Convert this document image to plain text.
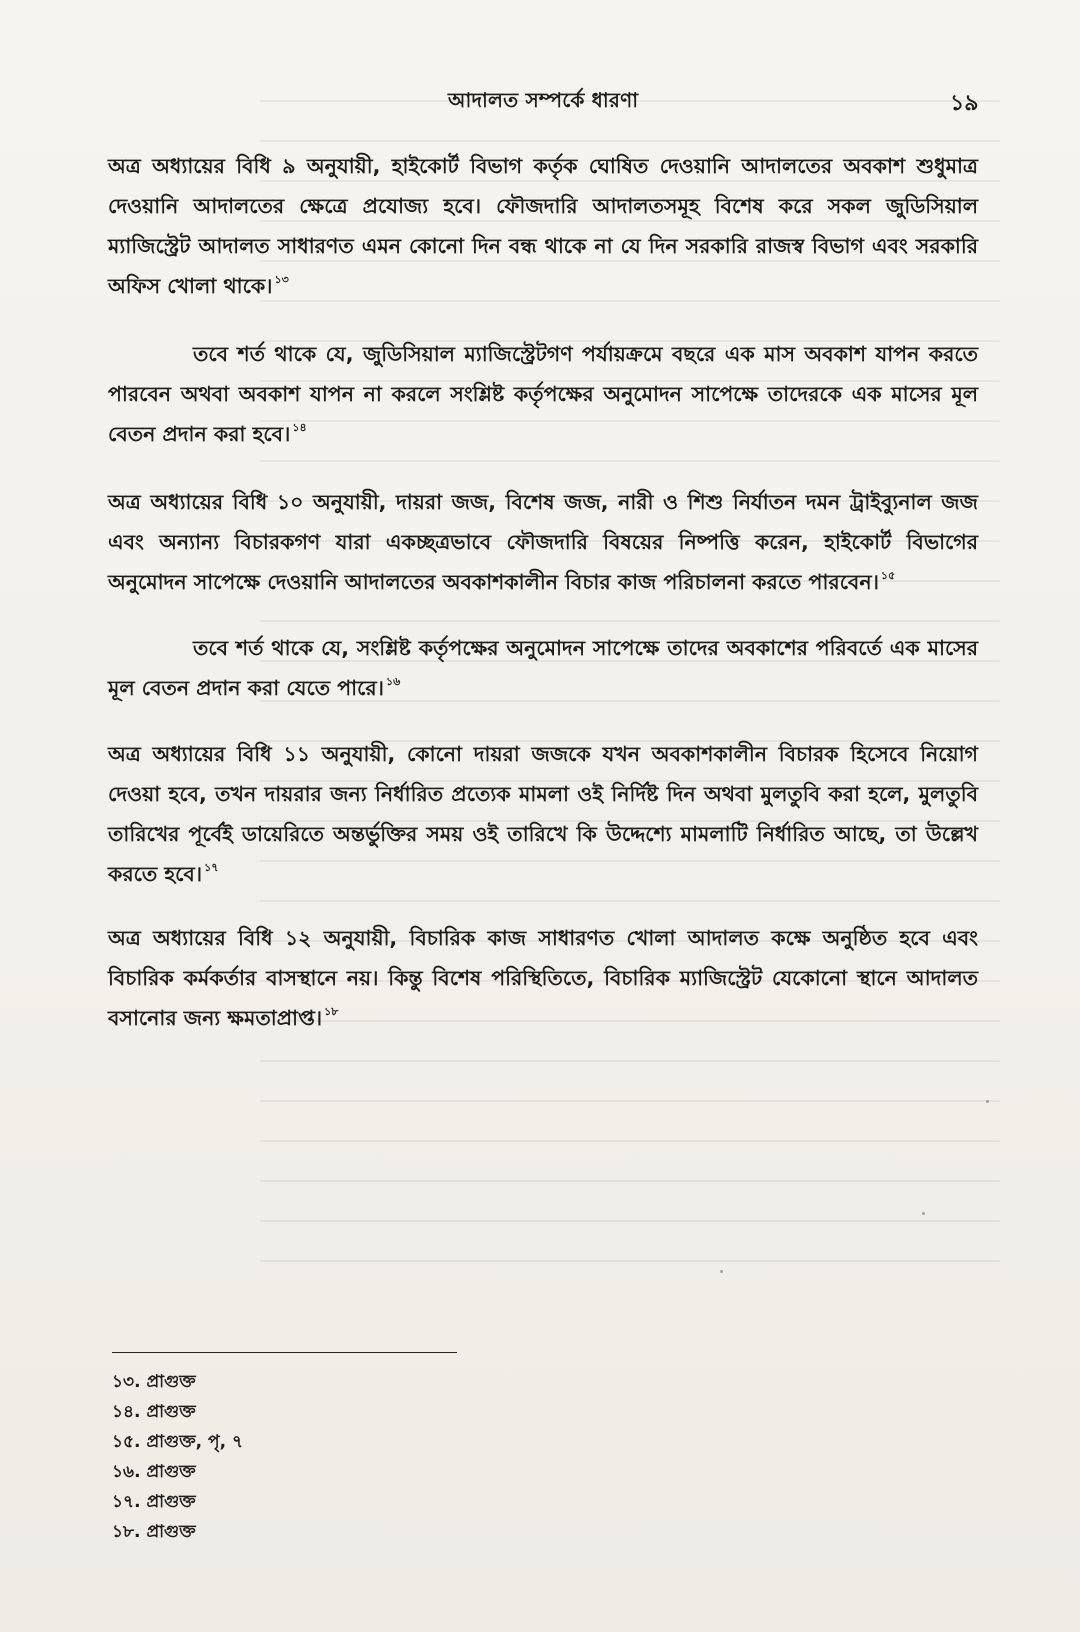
আদালত সম্পর্কে ধারণা	১৯

অত্র অধ্যায়ের বিধি ৯ অনুযায়ী, হাইকোর্ট বিভাগ কর্তৃক ঘোষিত দেওয়ানি আদালতের অবকাশ শুধুমাত্র দেওয়ানি আদালতের ক্ষেত্রে প্রযোজ্য হবে। ফৌজদারি আদালতসমূহ বিশেষ করে সকল জুডিসিয়াল ম্যাজিস্ট্রেট আদালত সাধারণত এমন কোনো দিন বন্ধ থাকে না যে দিন সরকারি রাজস্ব বিভাগ এবং সরকারি অফিস খোলা থাকে। $^{১৩}$

তবে শর্ত থাকে যে, জুডিসিয়াল ম্যাজিস্ট্রেটগণ পর্যায়ক্রমে বছরে এক মাস অবকাশ যাপন করতে পারবেন অথবা অবকাশ যাপন না করলে সংশ্লিষ্ট কর্তৃপক্ষের অনুমোদন সাপেক্ষে তাদেরকে এক মাসের মূল বেতন প্রদান করা হবে। $^{১৪}$

অত্র অধ্যায়ের বিধি ১০ অনুযায়ী, দায়রা জজ, বিশেষ জজ, নারী ও শিশু নির্যাতন দমন ট্রাইব্যুনাল জজ এবং অন্যান্য বিচারকগণ যারা একচ্ছত্রভাবে ফৌজদারি বিষয়ের নিষ্পত্তি করেন, হাইকোর্ট বিভাগের অনুমোদন সাপেক্ষে দেওয়ানি আদালতের অবকাশকালীন বিচার কাজ পরিচালনা করতে পারবেন। $^{১৫}$

তবে শর্ত থাকে যে, সংশ্লিষ্ট কর্তৃপক্ষের অনুমোদন সাপেক্ষে তাদের অবকাশের পরিবর্তে এক মাসের মূল বেতন প্রদান করা যেতে পারে। $^{১৬}$

অত্র অধ্যায়ের বিধি ১১ অনুযায়ী, কোনো দায়রা জজকে যখন অবকাশকালীন বিচারক হিসেবে নিয়োগ দেওয়া হবে, তখন দায়রার জন্য নির্ধারিত প্রত্যেক মামলা ওই নির্দিষ্ট দিন অথবা মুলতুবি করা হলে, মুলতুবি তারিখের পূর্বেই ডায়েরিতে অন্তর্ভুক্তির সময় ওই তারিখে কি উদ্দেশ্যে মামলাটি নির্ধারিত আছে, তা উল্লেখ করতে হবে। $^{১৭}$

অত্র অধ্যায়ের বিধি ১২ অনুযায়ী, বিচারিক কাজ সাধারণত খোলা আদালত কক্ষে অনুষ্ঠিত হবে এবং বিচারিক কর্মকর্তার বাসস্থানে নয়। কিন্তু বিশেষ পরিস্থিতিতে, বিচারিক ম্যাজিস্ট্রেট যেকোনো স্থানে আদালত বসানোর জন্য ক্ষমতাপ্রাপ্ত। $^{১৮}$

১৩. প্রাগুক্ত
১৪. প্রাগুক্ত
১৫. প্রাগুক্ত, পৃ, ৭
১৬. প্রাগুক্ত
১৭. প্রাগুক্ত
১৮. প্রাগুক্ত
